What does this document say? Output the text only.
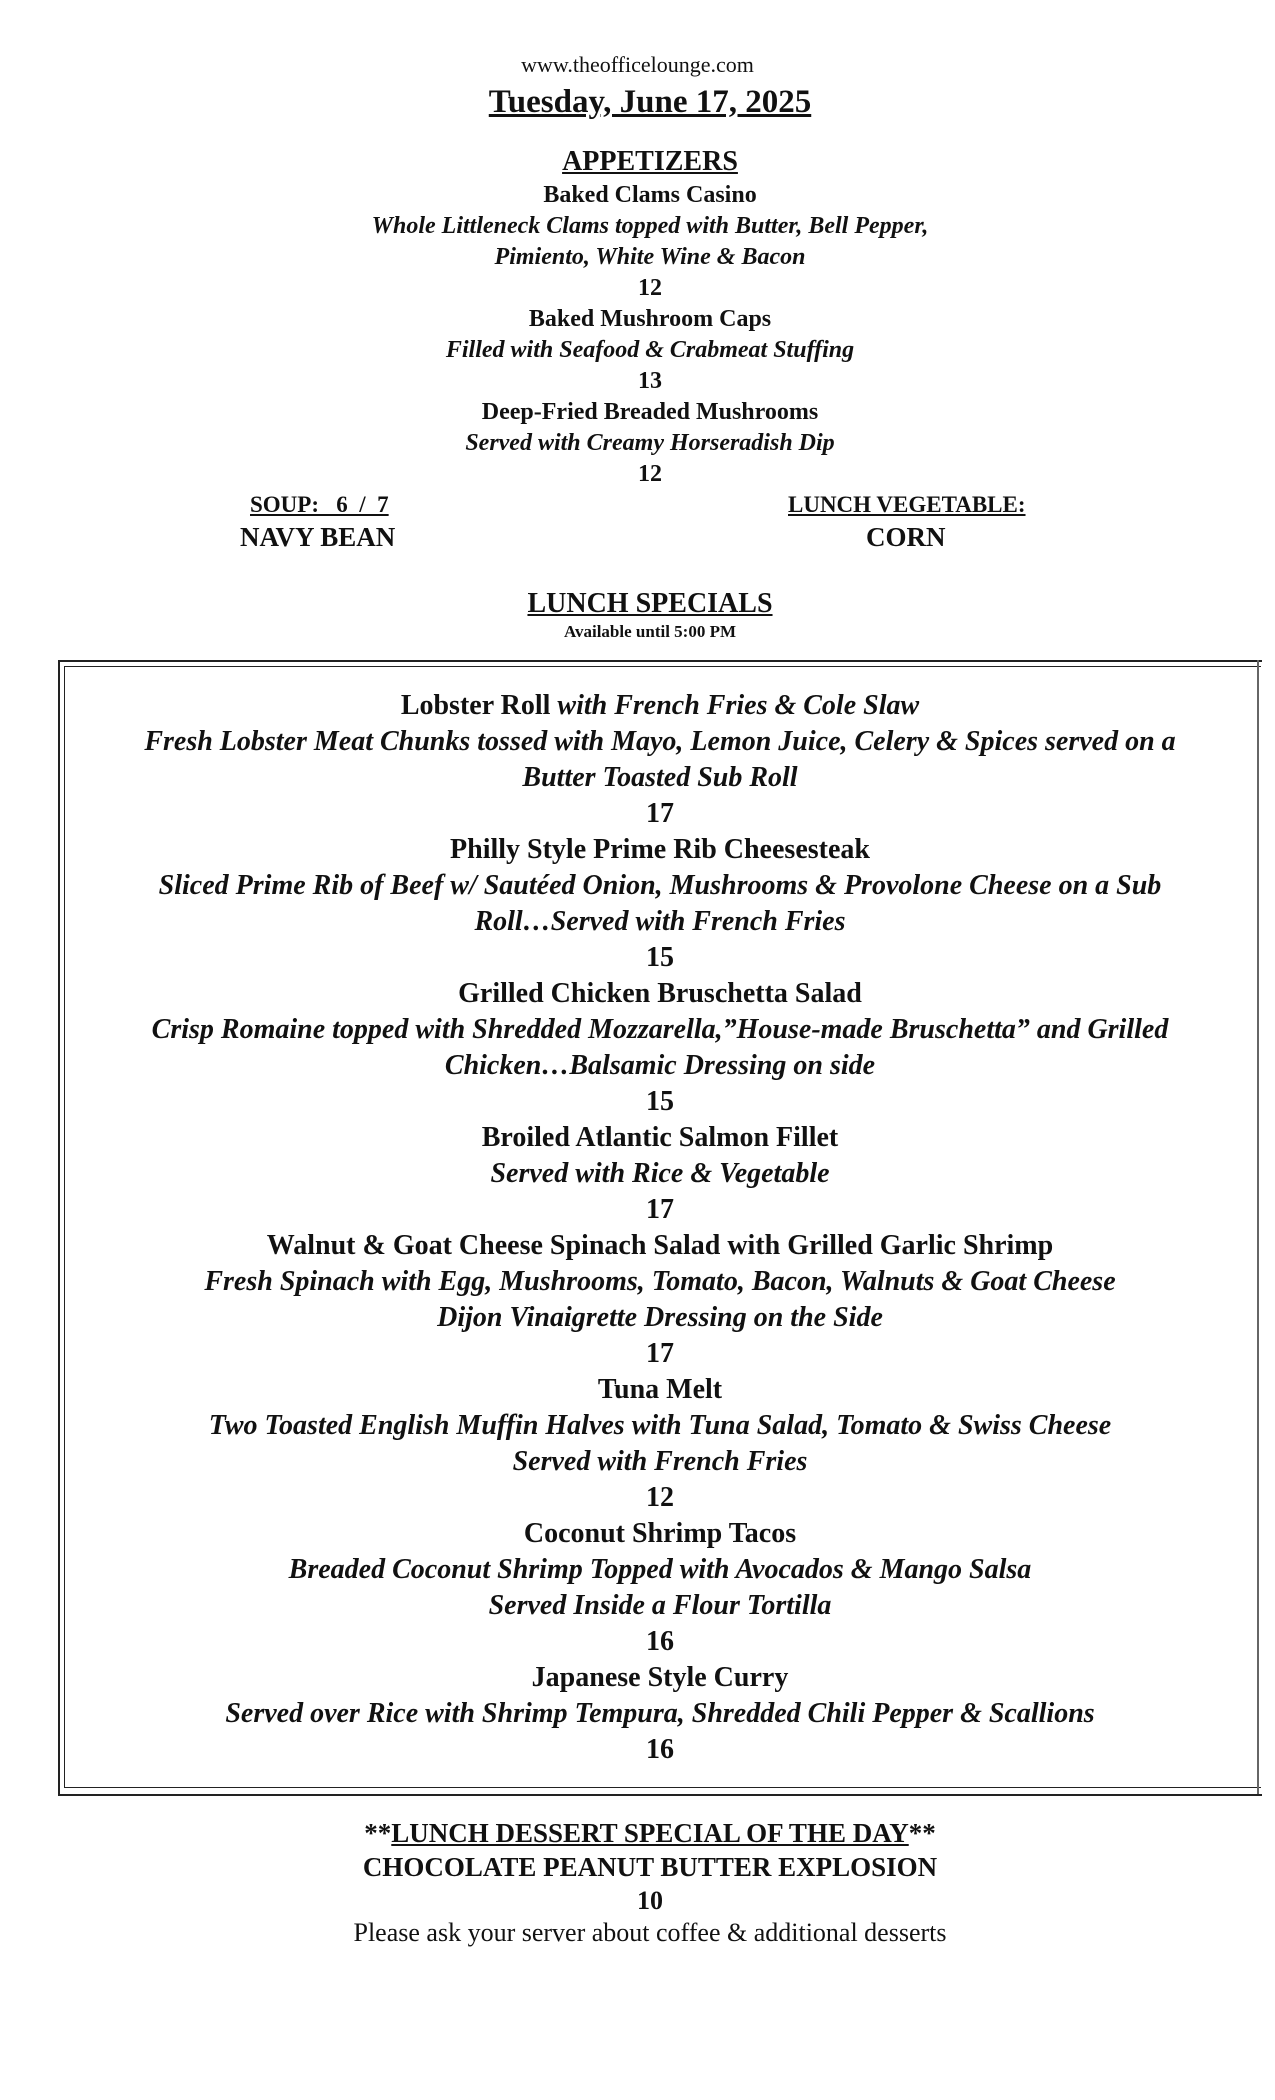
www.theofficelounge.com
Tuesday, June 17, 2025
APPETIZERS
Baked Clams Casino
Whole Littleneck Clams topped with Butter, Bell Pepper,
Pimiento, White Wine & Bacon
12
Baked Mushroom Caps
Filled with Seafood & Crabmeat Stuffing
13
Deep-Fried Breaded Mushrooms
Served with Creamy Horseradish Dip
12
SOUP:   6  /  7
NAVY BEAN
LUNCH VEGETABLE:
CORN
LUNCH SPECIALS
Available until 5:00 PM
Lobster Roll with French Fries & Cole Slaw
Fresh Lobster Meat Chunks tossed with Mayo, Lemon Juice, Celery & Spices served on a
Butter Toasted Sub Roll
17
Philly Style Prime Rib Cheesesteak
Sliced Prime Rib of Beef w/ Sautéed Onion, Mushrooms & Provolone Cheese on a Sub
Roll…Served with French Fries
15
Grilled Chicken Bruschetta Salad
Crisp Romaine topped with Shredded Mozzarella,”House-made Bruschetta” and Grilled
Chicken…Balsamic Dressing on side
15
Broiled Atlantic Salmon Fillet
Served with Rice & Vegetable
17
Walnut & Goat Cheese Spinach Salad with Grilled Garlic Shrimp
Fresh Spinach with Egg, Mushrooms, Tomato, Bacon, Walnuts & Goat Cheese
Dijon Vinaigrette Dressing on the Side
17
Tuna Melt
Two Toasted English Muffin Halves with Tuna Salad, Tomato & Swiss Cheese
Served with French Fries
12
Coconut Shrimp Tacos
Breaded Coconut Shrimp Topped with Avocados & Mango Salsa
Served Inside a Flour Tortilla
16
Japanese Style Curry
Served over Rice with Shrimp Tempura, Shredded Chili Pepper & Scallions
16
**LUNCH DESSERT SPECIAL OF THE DAY**
CHOCOLATE PEANUT BUTTER EXPLOSION
10
Please ask your server about coffee & additional desserts
